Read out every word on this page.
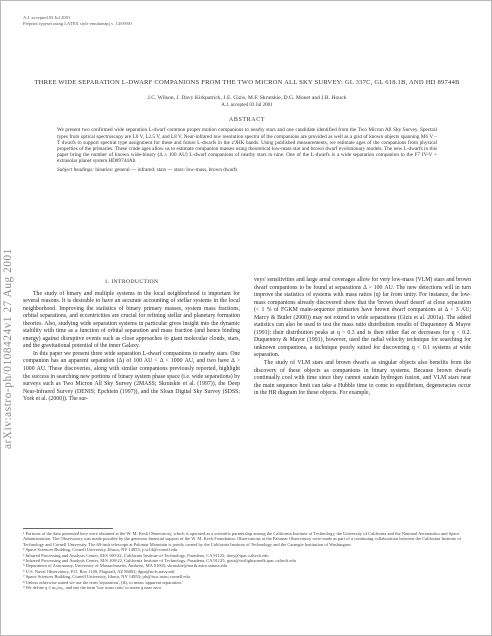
arXiv:astro-ph/0108424v1 27 Aug 2001
A.J. accepted 03 Jul 2001
Preprint typeset using LATEX style emulateapj v. 14/09/00
THREE WIDE SEPARATION L-DWARF COMPANIONS FROM THE TWO MICRON ALL SKY SURVEY: GL 337C, GL 618.1B, AND HD 89744B
J.C. Wilson, J. Davy Kirkpatrick, J.E. Gizis, M.F. Skrutskie, D.G. Monet and J.R. Houck
A.J. accepted 03 Jul 2001
ABSTRACT
We present two confirmed wide separation L-dwarf common proper motion companions to nearby stars and one candidate identified from the Two Micron All Sky Survey. Spectral types from optical spectroscopy are L0 V, L2.5 V, and L8 V. Near-infrared low resolution spectra of the companions are provided as well as a grid of known objects spanning M6 V – T dwarfs to support spectral type assignment for these and future L-dwarfs in the z'JHK bands. Using published measurements, we estimate ages of the companions from physical properties of the primaries. These crude ages allow us to estimate companion masses using theoretical low-mass star and brown dwarf evolutionary models. The new L-dwarfs in this paper bring the number of known wide-binary (Δ ≥ 100 AU) L-dwarf companions of nearby stars to nine. One of the L-dwarfs is a wide separation companion to the F7 IV-V + extrasolar planet system HD89744Ab.
Subject headings: binaries: general — infrared: stars — stars: low-mass, brown dwarfs
1. INTRODUCTION

The study of binary and multiple systems in the local neighborhood is important for several reasons. It is desirable to have an accurate accounting of stellar systems in the local neighborhood. Improving the statistics of binary primary masses, system mass fractions, orbital separations, and eccentricities are crucial for refining stellar and planetary formation theories. Also, studying wide separation systems in particular gives insight into the dynamic stability with time as a function of orbital separation and mass fraction (and hence binding energy) against disruptive events such as close approaches to giant molecular clouds, stars, and the gravitational potential of the inner Galaxy.

In this paper we present three wide separation L-dwarf companions to nearby stars. One companion has an apparent separation (Δ) of 100 AU < Δ < 1000 AU, and two have Δ > 1000 AU. These discoveries, along with similar companions previously reported, highlight the success in searching new portions of binary system phase space (i.e. wide separations) by surveys such as Two Micron All Sky Survey (2MASS; Skrutskie et al. (1997)), the Deep Near-Infrared Survey (DENIS; Epchtein (1997)), and the Sloan Digital Sky Survey (SDSS; York et al. (2000)). The sur-

veys' sensitivities and large areal coverages allow for very low-mass (VLM) stars and brown dwarf companions to be found at separations Δ > 100 AU. The new detections will in turn improve the statistics of systems with mass ratios (q) far from unity. For instance, the low-mass companions already discovered show that the 'brown dwarf desert' at close separation (< 1 % of FGKM main-sequence primaries have brown dwarf companions at Δ < 3 AU; Marcy & Butler (2000)) may not extend to wide separations (Gizis et al. 2001a). The added statistics can also be used to test the mass ratio distribution results of Duquennoy & Mayor (1991): their distribution peaks at q ~ 0.3 and is then either flat or decreases for q < 0.2. Duquennoy & Mayor (1991), however, used the radial velocity technique for searching for unknown companions, a technique poorly suited for discovering q < 0.1 systems at wide separation.

The study of VLM stars and brown dwarfs as singular objects also benefits from the discovery of these objects as companions in binary systems. Because brown dwarfs continually cool with time since they cannot sustain hydrogen fusion, and VLM stars near the main sequence limit can take a Hubble time to come to equilibrium, degeneracies occur in the HR diagram for these objects. For example,

¹ Portions of the data presented here were obtained at the W. M. Keck Observatory, which is operated as a scientific partnership among the California Institute of Technology, the University of California and the National Aeronautics and Space Administration. The Observatory was made possible by the generous financial support of the W. M. Keck Foundation. Observations at the Palomar Observatory were made as part of a continuing collaboration between the California Institute of Technology and Cornell University. The 60-inch telescope at Palomar Mountain is jointly owned by the California Institute of Technology and the Carnegie Institution of Washington.
² Space Sciences Building, Cornell University, Ithaca, NY 14853; jcw14@cornell.edu
³ Infrared Processing and Analysis Center, M/S 100-22, California Institute of Technology, Pasadena, CA 91125; davy@ipac.caltech.edu
⁴ Infrared Processing and Analysis Center, M/S 100-22, California Institute of Technology, Pasadena, CA 91125; gizis@twilightzonefk.ipac.caltech.edu
⁵ Department of Astronomy, University of Massachusetts, Amherst, MA 01003; skrutskie@north.astro.umass.edu
⁶ U.S. Naval Observatory, P.O. Box 1149, Flagstaff, AZ 86002; dgm@nofs.navy.mil
⁷ Space Sciences Building, Cornell University, Ithaca, NY 14853; jrh@isoc.astro.cornell.edu
⁸ Unless otherwise stated we use the term 'separation', (Δ), to mean 'apparent separation.'
⁹ We define q ≡ m₂/m₁, and use the term 'low mass ratio' to mean q near zero.
